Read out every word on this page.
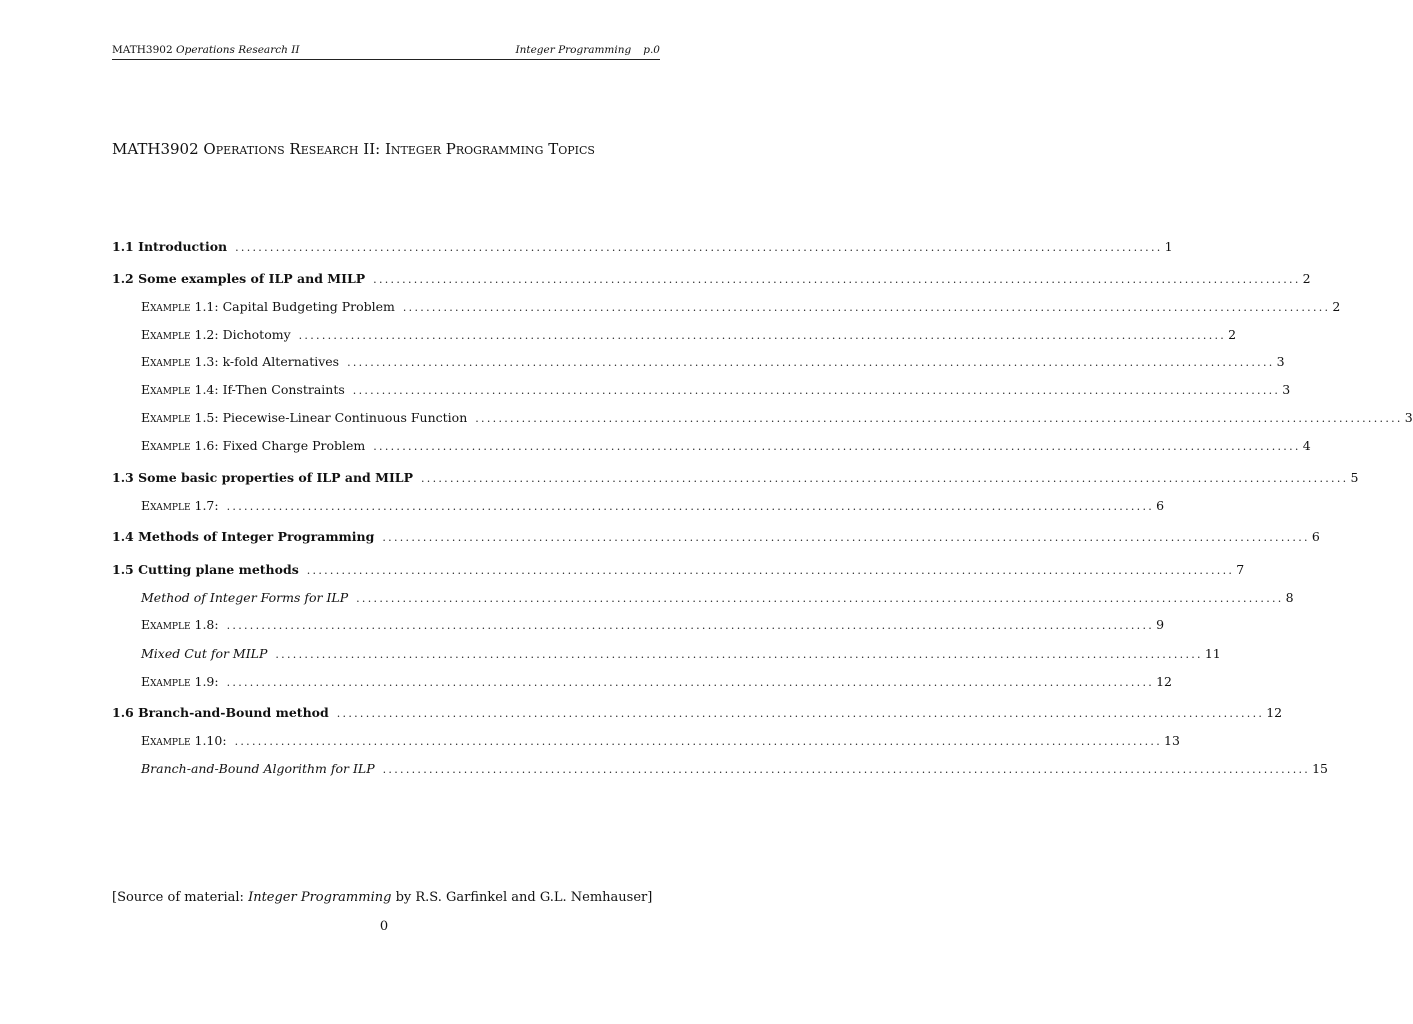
MATH3902 Operations Research II	Integer Programming p.0
MATH3902 Operations Research II: Integer Programming Topics
1.1 Introduction ................................................................................................................................................................ 1
1.2 Some examples of ILP and MILP ................................................................................................................................................................ 2
Example 1.1: Capital Budgeting Problem ................................................................................................................................................................ 2
Example 1.2: Dichotomy ................................................................................................................................................................ 2
Example 1.3: k-fold Alternatives ................................................................................................................................................................ 3
Example 1.4: If-Then Constraints ................................................................................................................................................................ 3
Example 1.5: Piecewise-Linear Continuous Function ................................................................................................................................................................ 3
Example 1.6: Fixed Charge Problem ................................................................................................................................................................ 4
1.3 Some basic properties of ILP and MILP ................................................................................................................................................................ 5
Example 1.7: ................................................................................................................................................................ 6
1.4 Methods of Integer Programming ................................................................................................................................................................ 6
1.5 Cutting plane methods ................................................................................................................................................................ 7
Method of Integer Forms for ILP ................................................................................................................................................................ 8
Example 1.8: ................................................................................................................................................................ 9
Mixed Cut for MILP ................................................................................................................................................................ 11
Example 1.9: ................................................................................................................................................................ 12
1.6 Branch-and-Bound method ................................................................................................................................................................ 12
Example 1.10: ................................................................................................................................................................ 13
Branch-and-Bound Algorithm for ILP ................................................................................................................................................................ 15
[Source of material: Integer Programming by R.S. Garfinkel and G.L. Nemhauser]
0
